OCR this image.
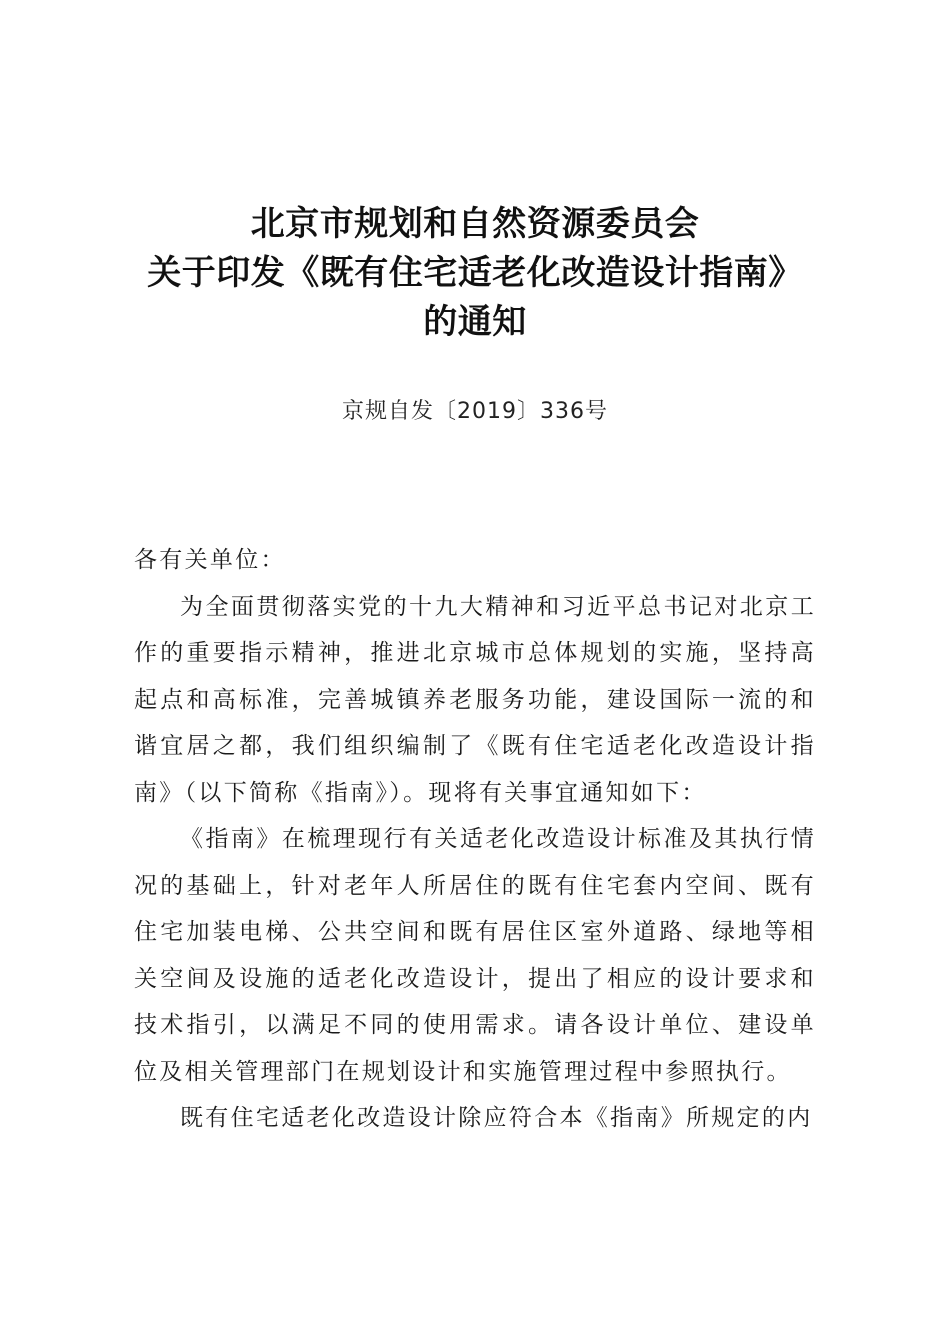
北京市规划和自然资源委员会
关于印发《既有住宅适老化改造设计指南》
的通知
京规自发〔2019〕336号

各有关单位：

为全面贯彻落实党的十九大精神和习近平总书记对北京工作的重要指示精神，推进北京城市总体规划的实施，坚持高起点和高标准，完善城镇养老服务功能，建设国际一流的和谐宜居之都，我们组织编制了《既有住宅适老化改造设计指南》（以下简称《指南》）。现将有关事宜通知如下：

《指南》在梳理现行有关适老化改造设计标准及其执行情况的基础上，针对老年人所居住的既有住宅套内空间、既有住宅加装电梯、公共空间和既有居住区室外道路、绿地等相关空间及设施的适老化改造设计，提出了相应的设计要求和技术指引，以满足不同的使用需求。请各设计单位、建设单位及相关管理部门在规划设计和实施管理过程中参照执行。

既有住宅适老化改造设计除应符合本《指南》所规定的内
